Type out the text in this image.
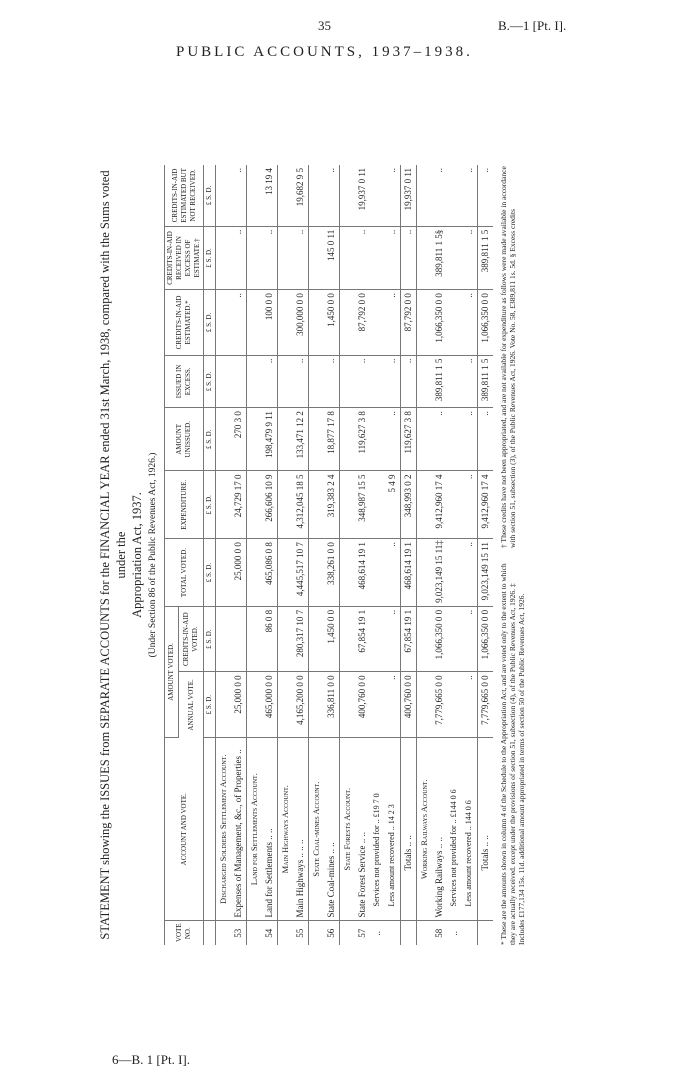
35	B.—1 [Pt. I].
PUBLIC ACCOUNTS, 1937–1938.
6—B. 1 [Pt. I].

STATEMENT showing the ISSUES from SEPARATE ACCOUNTS for the FINANCIAL YEAR ended 31st March, 1938, compared with the Sums voted under the Appropriation Act, 1937. (Under Section 86 of the Public Revenues Act, 1926.)

VOTE NO.	ACCOUNT AND VOTE.	AMOUNT VOTED.		TOTAL VOTED.	EXPENDITURE.	AMOUNT UNISSUED.	ISSUED IN EXCESS.	CREDITS-IN-AID ESTIMATED.*	CREDITS-IN-AID RECEIVED IN EXCESS OF ESTIMATE.†	CREDITS-IN-AID ESTIMATED BUT NOT RECEIVED.
		ANNUAL VOTE.	CREDITS-IN-AID VOTED.							
		£ S. D.	£ S. D.	£ S. D.	£ S. D.	£ S. D.	£ S. D.	£ S. D.	£ S. D.	£ S. D.
	Discharged Soldiers Settlement Account.									
53	Expenses of Management, &c., of Properties ..	25,000 0 0		25,000 0 0	24,729 17 0	270 3 0		..	..	..
	Land for Settlements Account.									
54	Land for Settlements .. ..	465,000 0 0	86 0 8	465,086 0 8	266,606 10 9	198,479 9 11	..	100 0 0	..	13 19 4
	Main Highways Account.									
55	Main Highways .. .. ..	4,165,200 0 0	280,317 10 7	4,445,517 10 7	4,312,045 18 5	133,471 12 2	..	300,000 0 0	..	19,682 9 5
	State Coal-mines Account.									
56	State Coal-mines .. ..	336,811 0 0	1,450 0 0	338,261 0 0	319,383 2 4	18,877 17 8	..	1,450 0 0	145 0 11	..
	State Forests Account.									
57	State Forest Service .. ..	400,760 0 0	67,854 19 1	468,614 19 1	348,987 15 5	119,627 3 8	..	87,792 0 0	..	19,937 0 11
..	Services not provided for .. £19 7 0									
	Less amount recovered .. 14 2 3	..	..	..	5 4 9	..	..	..	..	..
	Totals .. ..	400,760 0 0	67,854 19 1	468,614 19 1	348,993 0 2	119,627 3 8	..	87,792 0 0	..	19,937 0 11
	Working Railways Account.									
58	Working Railways .. ..	7,779,665 0 0	1,066,350 0 0	9,023,149 15 11‡	9,412,960 17 4	..	389,811 1 5	1,066,350 0 0	389,811 1 5§	..
..	Services not provided for .. £144 0 6									
	Less amount recovered .. 144 0 6	..	..	..	..	..	..	..	..	..
	Totals .. ..	7,779,665 0 0	1,066,350 0 0	9,023,149 15 11	9,412,960 17 4	..	389,811 1 5	1,066,350 0 0	389,811 1 5	..
* These are the amounts shown in column 4 of the Schedule to the Appropriation Act, and are voted only to the extent to which they are actually received. except under the provisions of section 51, subsection (4), of the Public Revenues Act, 1926. ‡ Includes £177,134 15s. 11d. additional amount appropriated in terms of section 50 of the Public Revenues Act, 1926.
† These credits have not been appropriated, and are not available for expenditure as follows were made available in accordance with section 51, subsection (3), of the Public Revenues Act, 1926. Vote No. 58, £389,811 1s. 5d. § Excess credits
